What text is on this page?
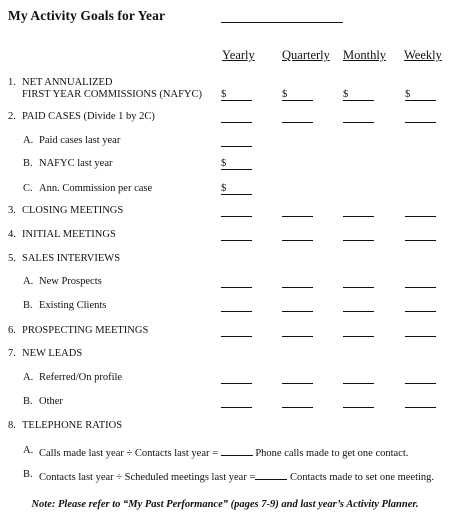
My Activity Goals for Year
Yearly Quarterly Monthly Weekly
1. NET ANNUALIZED
FIRST YEAR COMMISSIONS (NAFYC) $	$	$	$
2. PAID CASES (Divide 1 by 2C)
A. Paid cases last year
B. NAFYC last year	$
C. Ann. Commission per case	$
3. CLOSING MEETINGS
4. INITIAL MEETINGS
5. SALES INTERVIEWS
A. New Prospects
B. Existing Clients
6. PROSPECTING MEETINGS
7. NEW LEADS
A. Referred/On profile
B. Other
8. TELEPHONE RATIOS
A. Calls made last year ÷ Contacts last year =	Phone calls made to get one contact.
B. Contacts last year ÷ Scheduled meetings last year =	Contacts made to set one meeting.
Note: Please refer to “My Past Performance” (pages 7-9) and last year’s Activity Planner.
